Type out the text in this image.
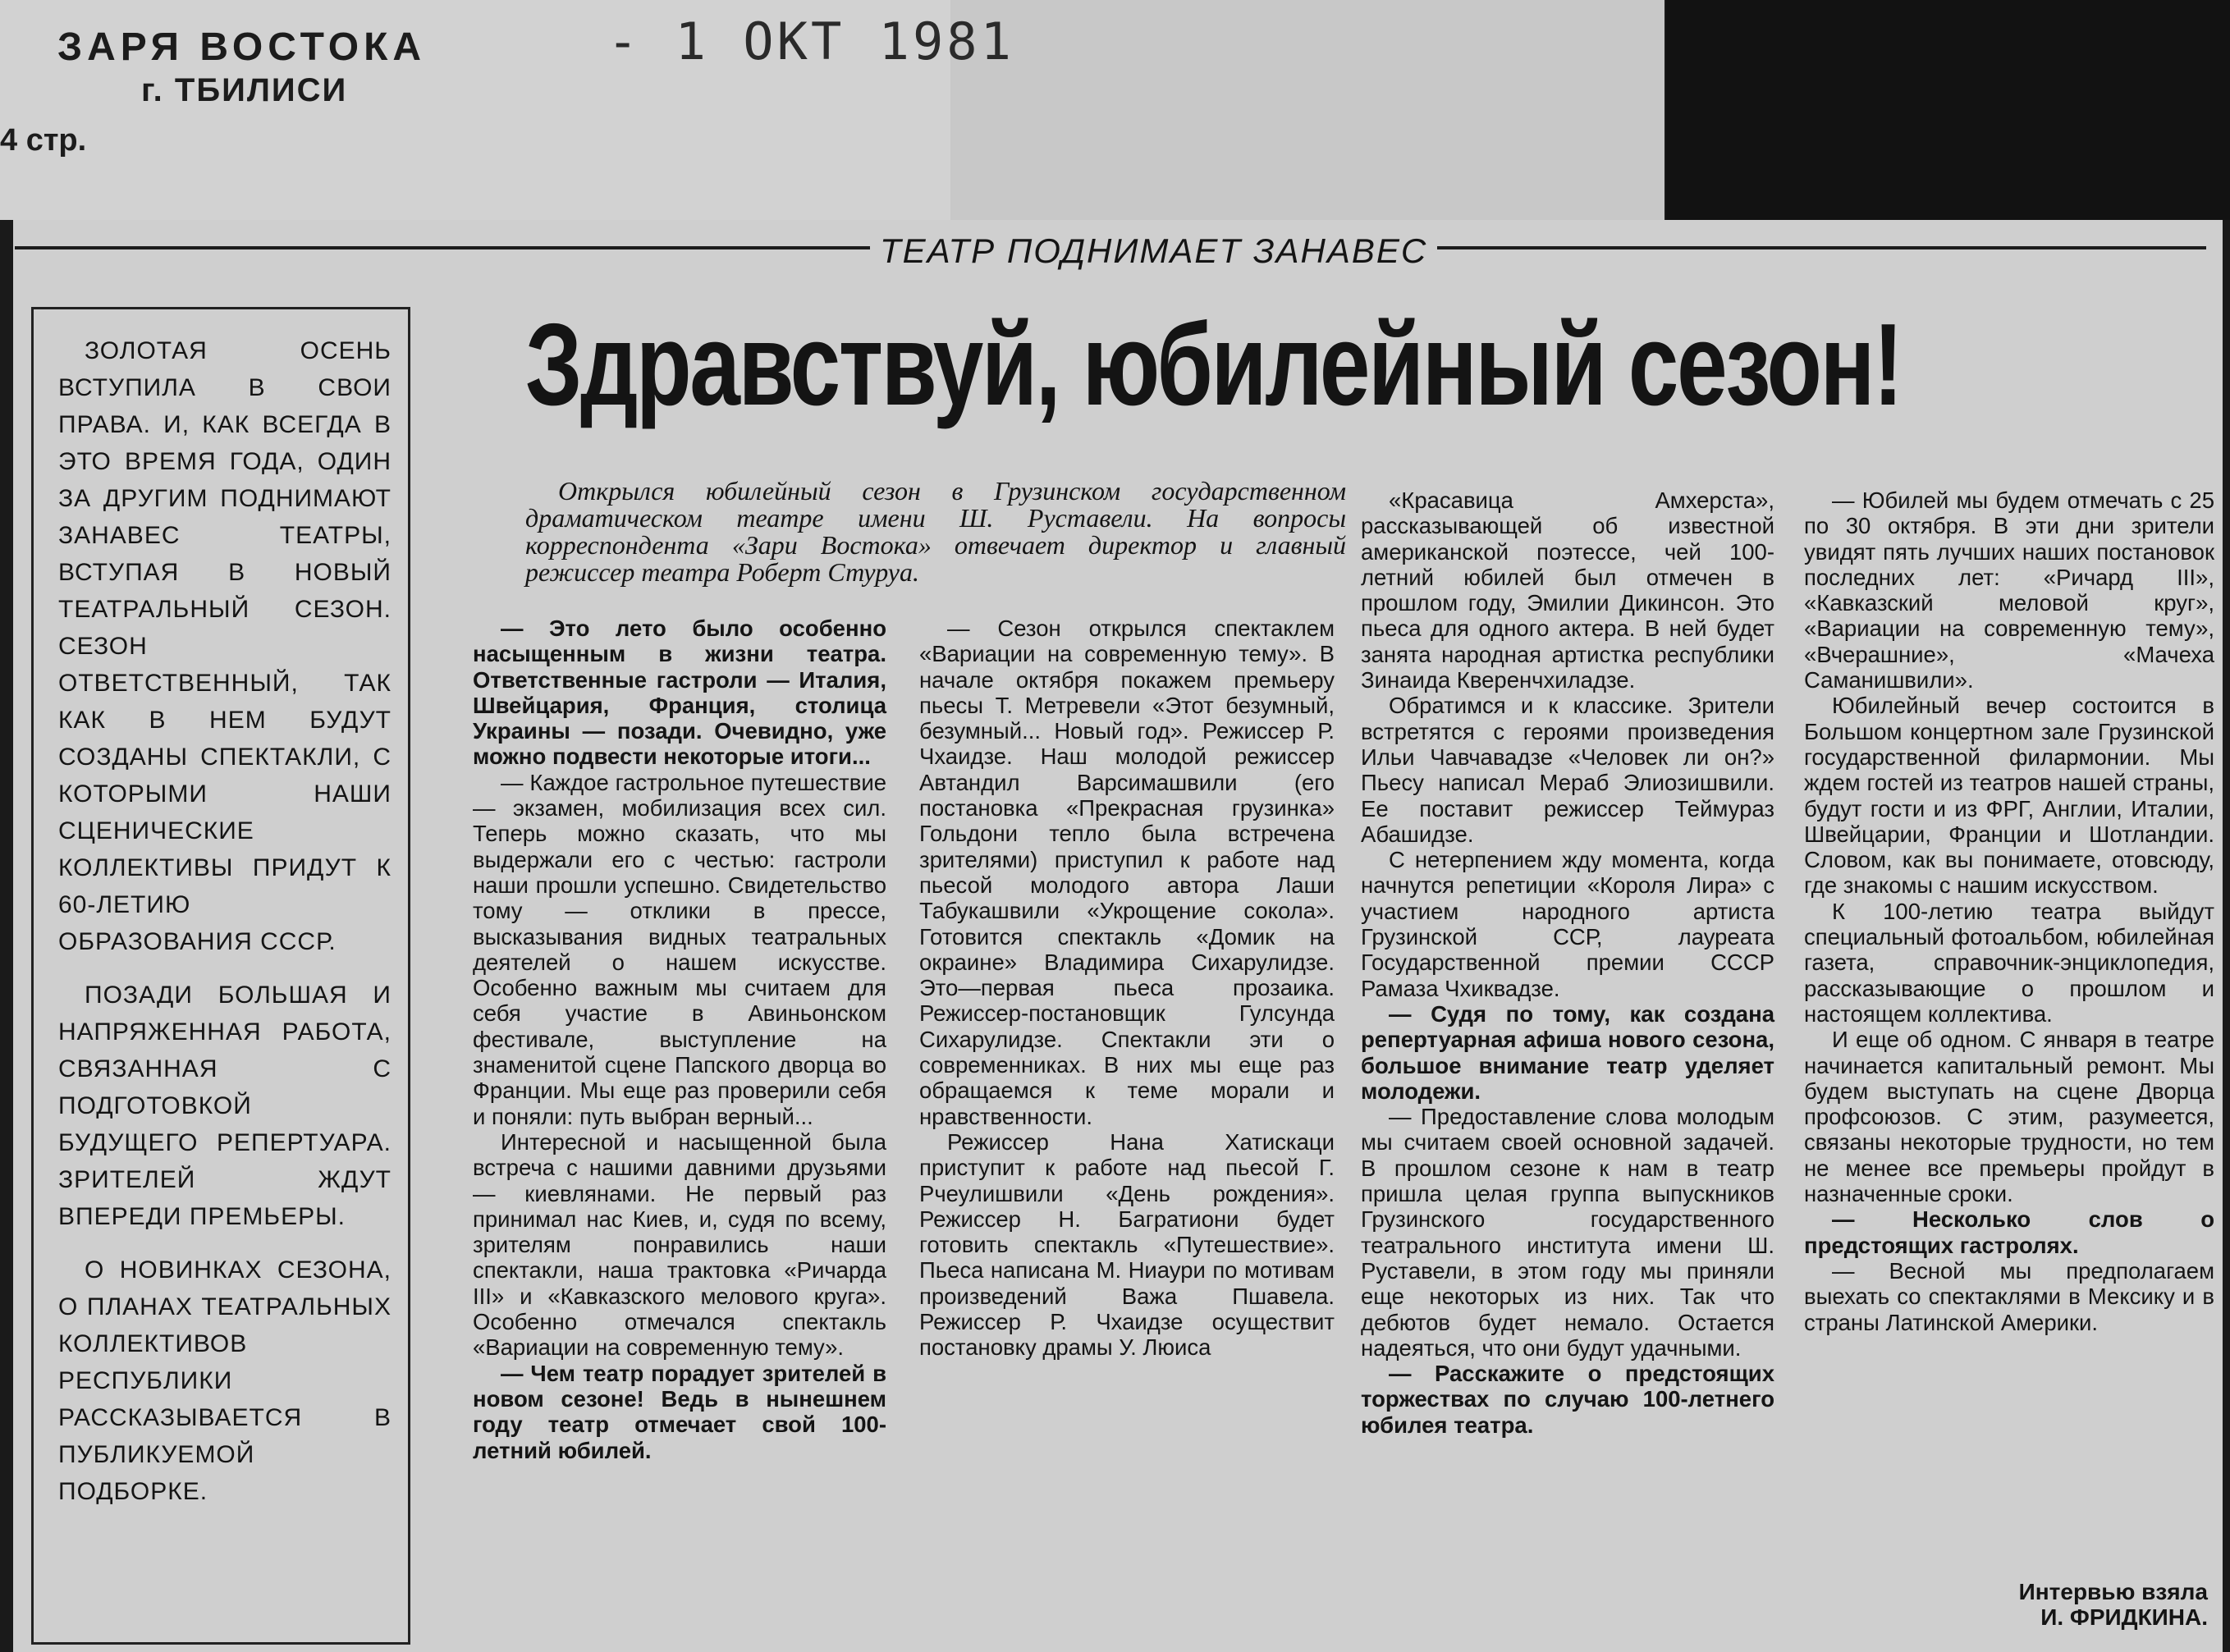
ЗАРЯ ВОСТОКА
г. ТБИЛИСИ
4 стр.
- 1 ОКТ 1981
ТЕАТР ПОДНИМАЕТ ЗАНАВЕС
Здравствуй, юбилейный сезон!

ЗОЛОТАЯ ОСЕНЬ ВСТУПИЛА В СВОИ ПРАВА. И, КАК ВСЕГДА В ЭТО ВРЕМЯ ГОДА, ОДИН ЗА ДРУГИМ ПОДНИМАЮТ ЗАНАВЕС ТЕАТРЫ, ВСТУПАЯ В НОВЫЙ ТЕАТРАЛЬНЫЙ СЕЗОН. СЕЗОН ОТВЕТСТВЕННЫЙ, ТАК КАК В НЕМ БУДУТ СОЗДАНЫ СПЕКТАКЛИ, С КОТОРЫМИ НАШИ СЦЕНИЧЕСКИЕ КОЛЛЕКТИВЫ ПРИДУТ К 60-ЛЕТИЮ ОБРАЗОВАНИЯ СССР.

ПОЗАДИ БОЛЬШАЯ И НАПРЯЖЕННАЯ РАБОТА, СВЯЗАННАЯ С ПОДГОТОВКОЙ БУДУЩЕГО РЕПЕРТУАРА. ЗРИТЕЛЕЙ ЖДУТ ВПЕРЕДИ ПРЕМЬЕРЫ.

О НОВИНКАХ СЕЗОНА, О ПЛАНАХ ТЕАТРАЛЬНЫХ КОЛЛЕКТИВОВ РЕСПУБЛИКИ РАССКАЗЫВАЕТСЯ В ПУБЛИКУЕМОЙ ПОДБОРКЕ.

Открылся юбилейный сезон в Грузинском государственном драматическом театре имени Ш. Руставели. На вопросы корреспондента «Зари Востока» отвечает директор и главный режиссер театра Роберт Стуруа.

— Это лето было особенно насыщенным в жизни театра. Ответственные гастроли — Италия, Швейцария, Франция, столица Украины — позади. Очевидно, уже можно подвести некоторые итоги...

— Каждое гастрольное путешествие — экзамен, мобилизация всех сил. Теперь можно сказать, что мы выдержали его с честью: гастроли наши прошли успешно. Свидетельство тому — отклики в прессе, высказывания видных театральных деятелей о нашем искусстве. Особенно важным мы считаем для себя участие в Авиньонском фестивале, выступление на знаменитой сцене Папского дворца во Франции. Мы еще раз проверили себя и поняли: путь выбран верный...

Интересной и насыщенной была встреча с нашими давними друзьями — киевлянами. Не первый раз принимал нас Киев, и, судя по всему, зрителям понравились наши спектакли, наша трактовка «Ричарда III» и «Кавказского мелового круга». Особенно отмечался спектакль «Вариации на современную тему».

— Чем театр порадует зрителей в новом сезоне! Ведь в нынешнем году театр отмечает свой 100-летний юбилей.

— Сезон открылся спектаклем «Вариации на современную тему». В начале октября покажем премьеру пьесы Т. Метревели «Этот безумный, безумный... Новый год». Режиссер Р. Чхаидзе. Наш молодой режиссер Автандил Варсимашвили (его постановка «Прекрасная грузинка» Гольдони тепло была встречена зрителями) приступил к работе над пьесой молодого автора Лаши Табукашвили «Укрощение сокола». Готовится спектакль «Домик на окраине» Владимира Сихарулидзе. Это—первая пьеса прозаика. Режиссер-постановщик Гулсунда Сихарулидзе. Спектакли эти о современниках. В них мы еще раз обращаемся к теме морали и нравственности.

Режиссер Нана Хатискаци приступит к работе над пьесой Г. Рчеулишвили «День рождения». Режиссер Н. Багратиони будет готовить спектакль «Путешествие». Пьеса написана М. Ниаури по мотивам произведений Важа Пшавела. Режиссер Р. Чхаидзе осуществит постановку драмы У. Люиса

«Красавица Амхерста», рассказывающей об известной американской поэтессе, чей 100-летний юбилей был отмечен в прошлом году, Эмилии Дикинсон. Это пьеса для одного актера. В ней будет занята народная артистка республики Зинаида Кверенчхиладзе.

Обратимся и к классике. Зрители встретятся с героями произведения Ильи Чавчавадзе «Человек ли он?» Пьесу написал Мераб Элиозишвили. Ее поставит режиссер Теймураз Абашидзе.

С нетерпением жду момента, когда начнутся репетиции «Короля Лира» с участием народного артиста Грузинской ССР, лауреата Государственной премии СССР Рамаза Чхиквадзе.

— Судя по тому, как создана репертуарная афиша нового сезона, большое внимание театр уделяет молодежи.

— Предоставление слова молодым мы считаем своей основной задачей. В прошлом сезоне к нам в театр пришла целая группа выпускников Грузинского государственного театрального института имени Ш. Руставели, в этом году мы приняли еще некоторых из них. Так что дебютов будет немало. Остается надеяться, что они будут удачными.

— Расскажите о предстоящих торжествах по случаю 100-летнего юбилея театра.

— Юбилей мы будем отмечать с 25 по 30 октября. В эти дни зрители увидят пять лучших наших постановок последних лет: «Ричард III», «Кавказский меловой круг», «Вариации на современную тему», «Вчерашние», «Мачеха Саманишвили».

Юбилейный вечер состоится в Большом концертном зале Грузинской государственной филармонии. Мы ждем гостей из театров нашей страны, будут гости и из ФРГ, Англии, Италии, Швейцарии, Франции и Шотландии. Словом, как вы понимаете, отовсюду, где знакомы с нашим искусством.

К 100-летию театра выйдут специальный фотоальбом, юбилейная газета, справочник-энциклопедия, рассказывающие о прошлом и настоящем коллектива.

И еще об одном. С января в театре начинается капитальный ремонт. Мы будем выступать на сцене Дворца профсоюзов. С этим, разумеется, связаны некоторые трудности, но тем не менее все премьеры пройдут в назначенные сроки.

— Несколько слов о предстоящих гастролях.

— Весной мы предполагаем выехать со спектаклями в Мексику и в страны Латинской Америки.

Интервью взяла
И. ФРИДКИНА.
